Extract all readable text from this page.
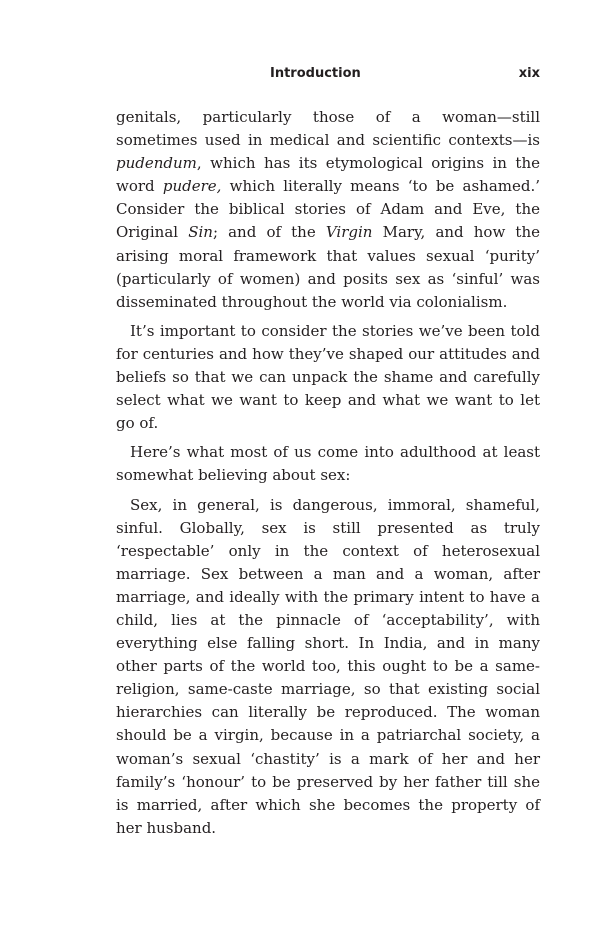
Introduction	xix

genitals, particularly those of a woman—still sometimes used in medical and scientific contexts—is pudendum, which has its etymological origins in the word pudere, which literally means ‘to be ashamed.’ Consider the biblical stories of Adam and Eve, the Original Sin; and of the Virgin Mary, and how the arising moral framework that values sexual ‘purity’ (particularly of women) and posits sex as ‘sinful’ was disseminated throughout the world via colonialism.

It’s important to consider the stories we’ve been told for centuries and how they’ve shaped our attitudes and beliefs so that we can unpack the shame and carefully select what we want to keep and what we want to let go of.

Here’s what most of us come into adulthood at least somewhat believing about sex:

Sex, in general, is dangerous, immoral, shameful, sinful. Globally, sex is still presented as truly ‘respectable’ only in the context of heterosexual marriage. Sex between a man and a woman, after marriage, and ideally with the primary intent to have a child, lies at the pinnacle of ‘acceptability’, with everything else falling short. In India, and in many other parts of the world too, this ought to be a same-religion, same-caste marriage, so that existing social hierarchies can literally be reproduced. The woman should be a virgin, because in a patriarchal society, a woman’s sexual ‘chastity’ is a mark of her and her family’s ‘honour’ to be preserved by her father till she is married, after which she becomes the property of her husband.
